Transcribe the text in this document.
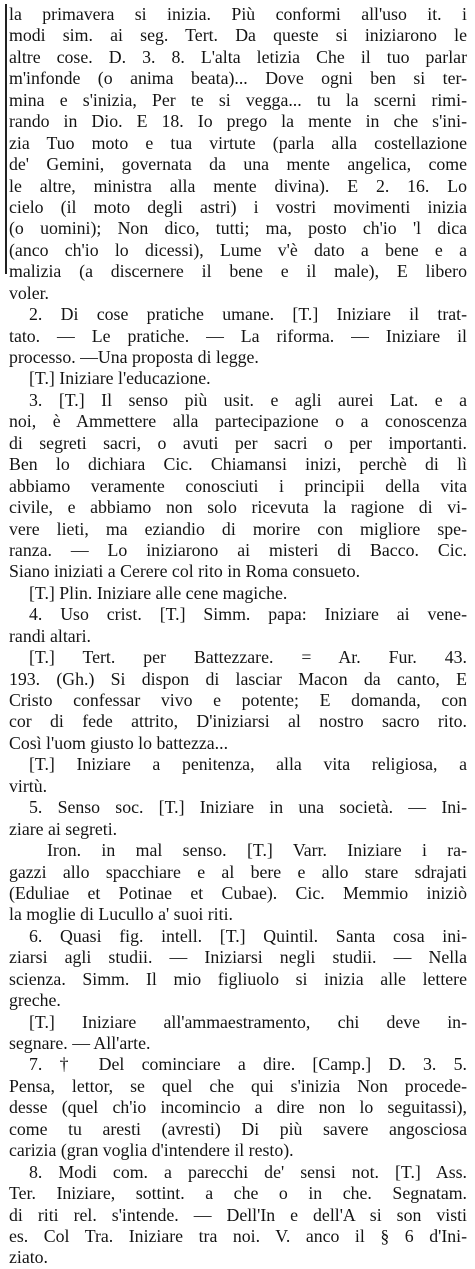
la primavera si inizia. Più conformi all'uso it. i
modi sim. ai seg. Tert. Da queste si iniziarono le
altre cose. D. 3. 8. L'alta letizia Che il tuo parlar
m'infonde (o anima beata)... Dove ogni ben si ter-
mina e s'inizia, Per te si vegga... tu la scerni rimi-
rando in Dio. E 18. Io prego la mente in che s'ini-
zia Tuo moto e tua virtute (parla alla costellazione
de' Gemini, governata da una mente angelica, come
le altre, ministra alla mente divina). E 2. 16. Lo
cielo (il moto degli astri) i vostri movimenti inizia
(o uomini); Non dico, tutti; ma, posto ch'io 'l dica
(anco ch'io lo dicessi), Lume v'è dato a bene e a
malizia (a discernere il bene e il male), E libero
voler.
2. Di cose pratiche umane. [T.] Iniziare il trat-
tato. — Le pratiche. — La riforma. — Iniziare il
processo. —Una proposta di legge.
[T.] Iniziare l'educazione.
3. [T.] Il senso più usit. e agli aurei Lat. e a
noi, è Ammettere alla partecipazione o a conoscenza
di segreti sacri, o avuti per sacri o per importanti.
Ben lo dichiara Cic. Chiamansi inizi, perchè di lì
abbiamo veramente conosciuti i principii della vita
civile, e abbiamo non solo ricevuta la ragione di vi-
vere lieti, ma eziandio di morire con migliore spe-
ranza. — Lo iniziarono ai misteri di Bacco. Cic.
Siano iniziati a Cerere col rito in Roma consueto.
[T.] Plin. Iniziare alle cene magiche.
4. Uso crist. [T.] Simm. papa: Iniziare ai vene-
randi altari.
[T.] Tert. per Battezzare. = Ar. Fur. 43.
193. (Gh.) Si dispon di lasciar Macon da canto, E
Cristo confessar vivo e potente; E domanda, con
cor di fede attrito, D'iniziarsi al nostro sacro rito.
Così l'uom giusto lo battezza...
[T.] Iniziare a penitenza, alla vita religiosa, a
virtù.
5. Senso soc. [T.] Iniziare in una società. — Ini-
ziare ai segreti.
Iron. in mal senso. [T.] Varr. Iniziare i ra-
gazzi allo spacchiare e al bere e allo stare sdrajati
(Eduliae et Potinae et Cubae). Cic. Memmio iniziò
la moglie di Lucullo a' suoi riti.
6. Quasi fig. intell. [T.] Quintil. Santa cosa ini-
ziarsi agli studii. — Iniziarsi negli studii. — Nella
scienza. Simm. Il mio figliuolo si inizia alle lettere
greche.
[T.] Iniziare all'ammaestramento, chi deve in-
segnare. — All'arte.
7. † Del cominciare a dire. [Camp.] D. 3. 5.
Pensa, lettor, se quel che qui s'inizia Non procede-
desse (quel ch'io incomincio a dire non lo seguitassi),
come tu aresti (avresti) Di più savere angosciosa
carizia (gran voglia d'intendere il resto).
8. Modi com. a parecchi de' sensi not. [T.] Ass.
Ter. Iniziare, sottint. a che o in che. Segnatam.
di riti rel. s'intende. — Dell'In e dell'A si son visti
es. Col Tra. Iniziare tra noi. V. anco il § 6 d'Ini-
ziato.
